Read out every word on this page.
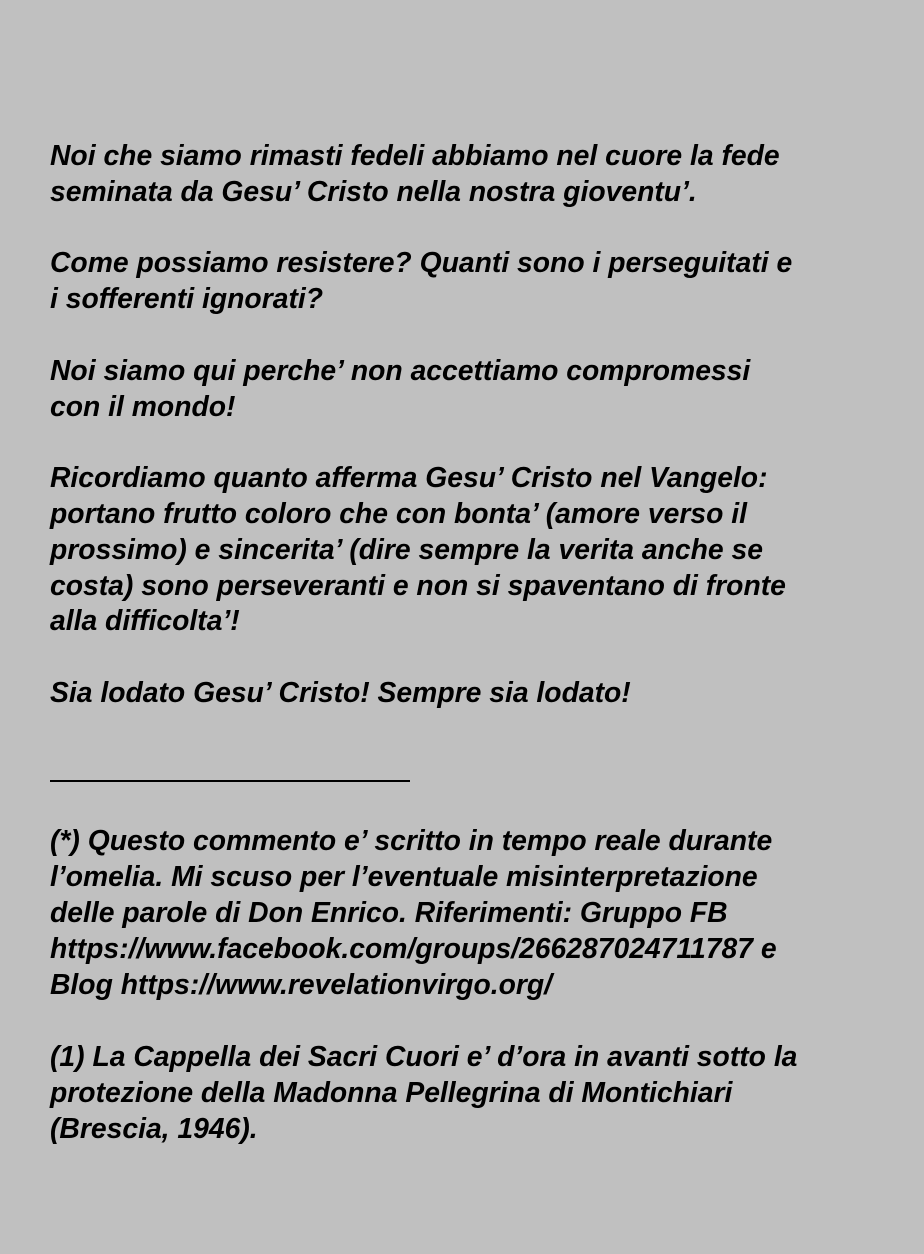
Noi che siamo rimasti fedeli abbiamo nel cuore la fede
seminata da Gesu’ Cristo nella nostra gioventu’.
Come possiamo resistere? Quanti sono i perseguitati e
i sofferenti ignorati?
Noi siamo qui perche’ non accettiamo compromessi
con il mondo!
Ricordiamo quanto afferma Gesu’ Cristo nel Vangelo:
portano frutto coloro che con bonta’ (amore verso il
prossimo) e sincerita’ (dire sempre la verita anche se
costa) sono perseveranti e non si spaventano di fronte
alla difficolta’!
Sia lodato Gesu’ Cristo! Sempre sia lodato!
(*) Questo commento e’ scritto in tempo reale durante
l’omelia. Mi scuso per l’eventuale misinterpretazione
delle parole di Don Enrico. Riferimenti: Gruppo FB
https://www.facebook.com/groups/266287024711787 e
Blog https://www.revelationvirgo.org/
(1) La Cappella dei Sacri Cuori e’ d’ora in avanti sotto la
protezione della Madonna Pellegrina di Montichiari
(Brescia, 1946).
